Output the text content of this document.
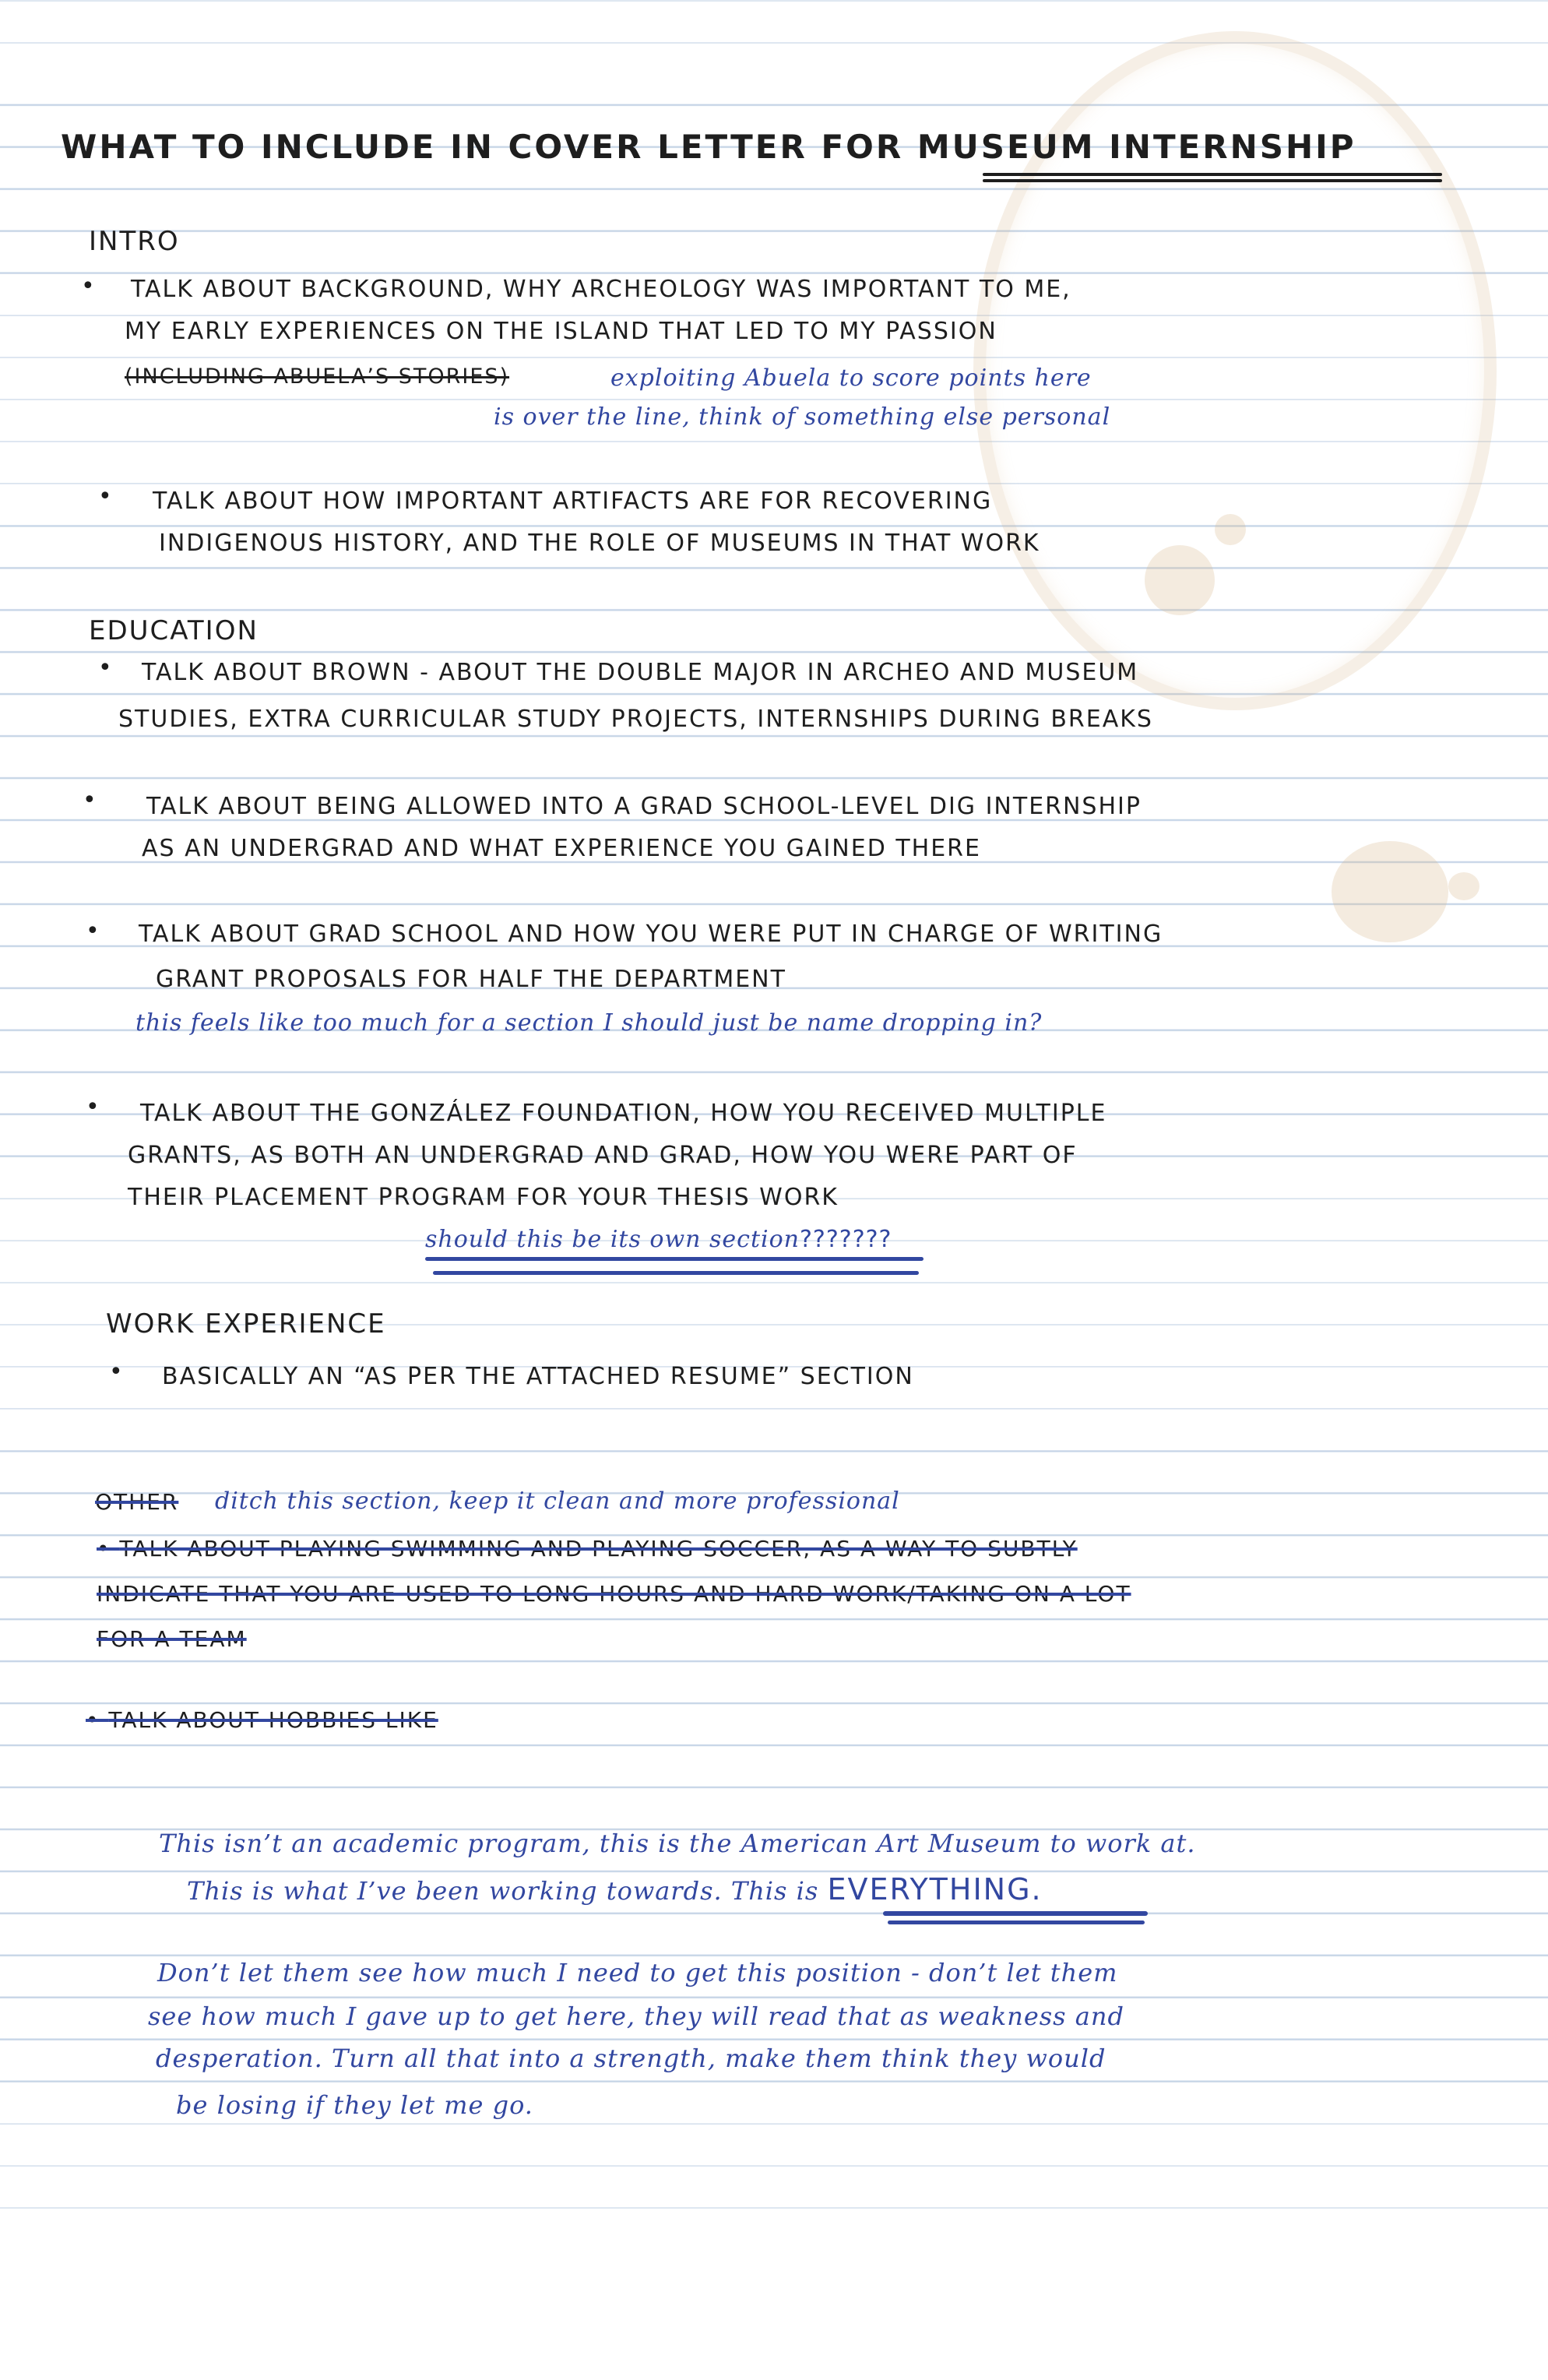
WHAT TO INCLUDE IN COVER LETTER FOR MUSEUM INTERNSHIP
INTRO
• TALK ABOUT BACKGROUND, WHY ARCHEOLOGY WAS IMPORTANT TO ME,
MY EARLY EXPERIENCES ON THE ISLAND THAT LED TO MY PASSION
(INCLUDING ABUELA’S STORIES)	exploiting Abuela to score points here
is over the line, think of something else personal
• TALK ABOUT HOW IMPORTANT ARTIFACTS ARE FOR RECOVERING
INDIGENOUS HISTORY, AND THE ROLE OF MUSEUMS IN THAT WORK
EDUCATION
• TALK ABOUT BROWN - ABOUT THE DOUBLE MAJOR IN ARCHEO AND MUSEUM
STUDIES, EXTRA CURRICULAR STUDY PROJECTS, INTERNSHIPS DURING BREAKS
• TALK ABOUT BEING ALLOWED INTO A GRAD SCHOOL-LEVEL DIG INTERNSHIP
AS AN UNDERGRAD AND WHAT EXPERIENCE YOU GAINED THERE
• TALK ABOUT GRAD SCHOOL AND HOW YOU WERE PUT IN CHARGE OF WRITING
GRANT PROPOSALS FOR HALF THE DEPARTMENT
this feels like too much for a section I should just be name dropping in?
• TALK ABOUT THE GONZÁLEZ FOUNDATION, HOW YOU RECEIVED MULTIPLE
GRANTS, AS BOTH AN UNDERGRAD AND GRAD, HOW YOU WERE PART OF
THEIR PLACEMENT PROGRAM FOR YOUR THESIS WORK
should this be its own section???????
WORK EXPERIENCE
• BASICALLY AN “AS PER THE ATTACHED RESUME” SECTION
OTHER ditch this section, keep it clean and more professional
• TALK ABOUT PLAYING SWIMMING AND PLAYING SOCCER, AS A WAY TO SUBTLY
INDICATE THAT YOU ARE USED TO LONG HOURS AND HARD WORK/TAKING ON A LOT
FOR A TEAM
• TALK ABOUT HOBBIES LIKE
This isn’t an academic program, this is the American Art Museum to work at.
This is what I’ve been working towards. This is EVERYTHING.
Don’t let them see how much I need to get this position - don’t let them
see how much I gave up to get here, they will read that as weakness and
desperation. Turn all that into a strength, make them think they would
be losing if they let me go.
